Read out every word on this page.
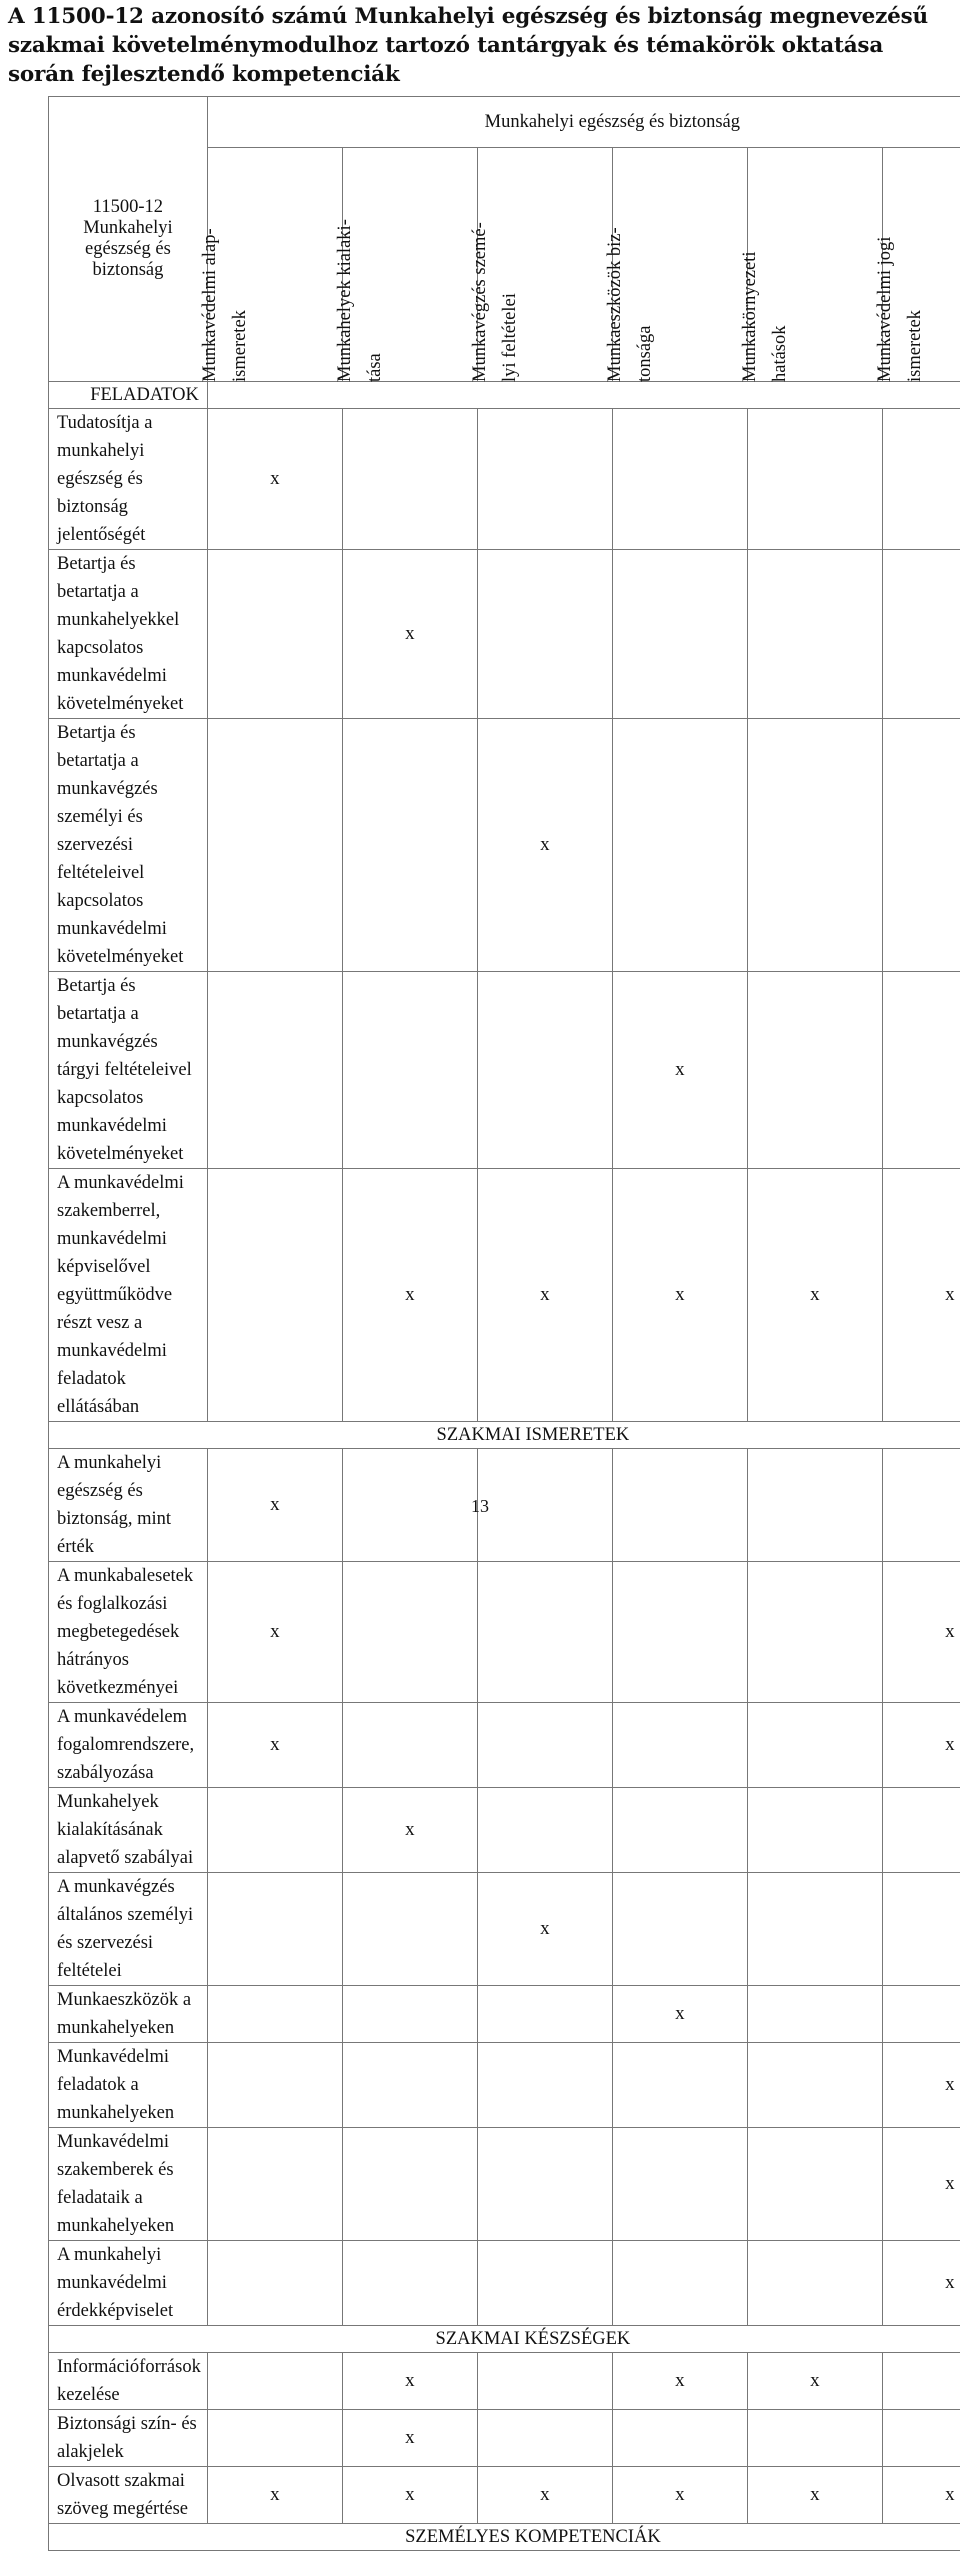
A 11500-12 azonosító számú Munkahelyi egészség és biztonság megnevezésű szakmai követelménymodulhoz tartozó tantárgyak és témakörök oktatása során fejlesztendő kompetenciák
11500-12 Munkahelyi egészség és biztonság	Munkahelyi egészség és biztonság					

	Munkavédelmi alap- ismeretek	Munkahelyek kialaki- tása	Munkavégzés szemé- lyi feltételei	Munkaeszközök biz- tonsága	Munkakörnyezeti hatások	Munkavédelmi jogi ismeretek

FELADATOK						
Tudatosítja a munkahelyi egészség és biztonság jelentőségét	x					
Betartja és betartatja a munkahelyekkel kapcsolatos munkavédelmi követelményeket		x				
Betartja és betartatja a munkavégzés személyi és szervezési feltételeivel kapcsolatos munkavédelmi követelményeket			x			
Betartja és betartatja a munkavégzés tárgyi feltételeivel kapcsolatos munkavédelmi követelményeket				x		
A munkavédelmi szakemberrel, munkavédelmi képviselővel együttműködve részt vesz a munkavédelmi feladatok ellátásában		x	x	x	x	x
SZAKMAI ISMERETEK						
A munkahelyi egészség és biztonság, mint érték	x					
A munkabalesetek és foglalkozási megbetegedések hátrányos következményei	x					x
A munkavédelem fogalomrendszere, szabályozása	x					x
Munkahelyek kialakításának alapvető szabályai		x				
A munkavégzés általános személyi és szervezési feltételei			x			
Munkaeszközök a munkahelyeken				x		
Munkavédelmi feladatok a munkahelyeken						x
Munkavédelmi szakemberek és feladataik a munkahelyeken						x
A munkahelyi munkavédelmi érdekképviselet						x
SZAKMAI KÉSZSÉGEK						
Információforrások kezelése		x		x	x	
Biztonsági szín- és alakjelek		x				
Olvasott szakmai szöveg megértése	x	x	x	x	x	x
SZEMÉLYES KOMPETENCIÁK						
13
